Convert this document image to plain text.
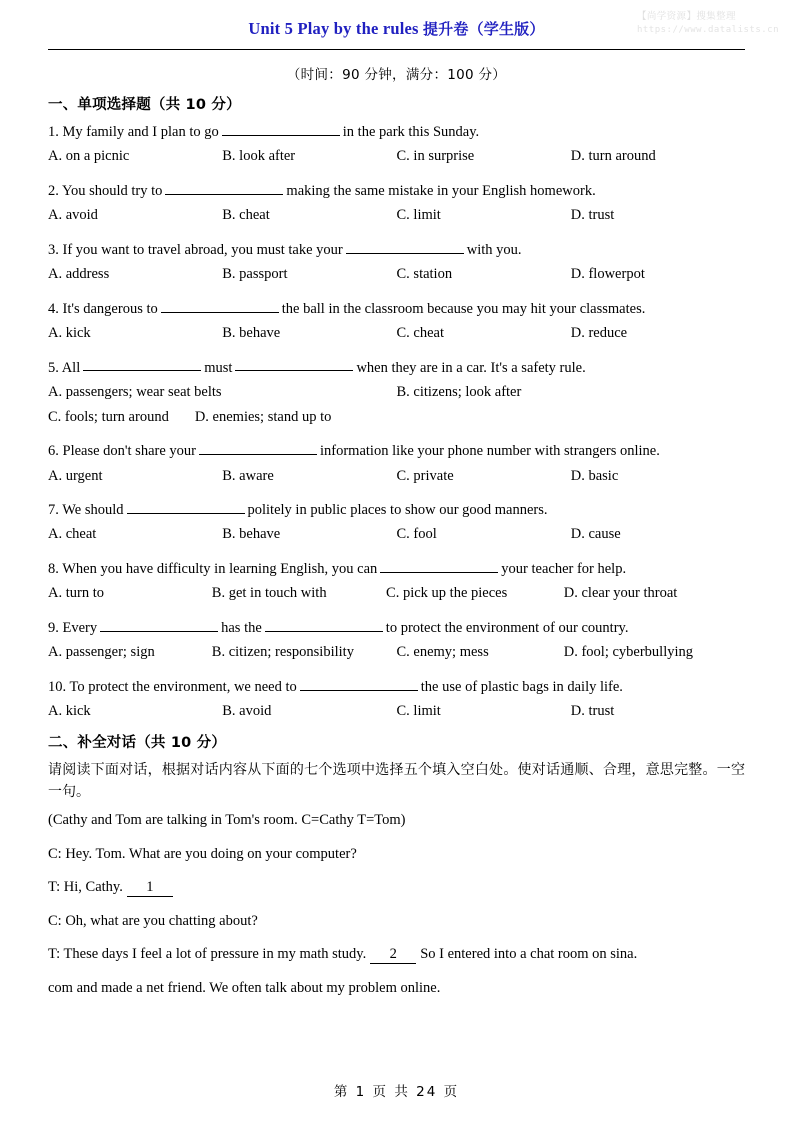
【尚学资源】搜集整理
https://www.datalists.cn
Unit 5 Play by the rules 提升卷（学生版）
（时间：90 分钟，满分：100 分）
一、单项选择题（共 10 分）
1. My family and I plan to go	in the park this Sunday.
A. on a picnic	B. look after	C. in surprise	D. turn around
2. You should try to	making the same mistake in your English homework.
A. avoid	B. cheat	C. limit	D. trust
3. If you want to travel abroad, you must take your	with you.
A. address	B. passport	C. station	D. flowerpot
4. It's dangerous to	the ball in the classroom because you may hit your classmates.
A. kick	B. behave	C. cheat	D. reduce
5. All	must	when they are in a car. It's a safety rule.
A. passengers; wear seat belts	B. citizens; look after
C. fools; turn around D. enemies; stand up to
6. Please don't share your	information like your phone number with strangers online.
A. urgent	B. aware	C. private	D. basic
7. We should	politely in public places to show our good manners.
A. cheat	B. behave	C. fool	D. cause
8. When you have difficulty in learning English, you can	your teacher for help.
A. turn to	B. get in touch with	C. pick up the pieces	D. clear your throat
9. Every	has the	to protect the environment of our country.
A. passenger; sign	B. citizen; responsibility	C. enemy; mess	D. fool; cyberbullying
10. To protect the environment, we need to	the use of plastic bags in daily life.
A. kick	B. avoid	C. limit	D. trust
二、补全对话（共 10 分）
请阅读下面对话，根据对话内容从下面的七个选项中选择五个填入空白处。使对话通顺、合理，意思完整。一空一句。
(Cathy and Tom are talking in Tom's room. C=Cathy T=Tom)
C: Hey. Tom. What are you doing on your computer?
T: Hi, Cathy. 1
C: Oh, what are you chatting about?
T: These days I feel a lot of pressure in my math study. 2 So I entered into a chat room on sina.
com and made a net friend. We often talk about my problem online.
第 1 页 共 24 页
